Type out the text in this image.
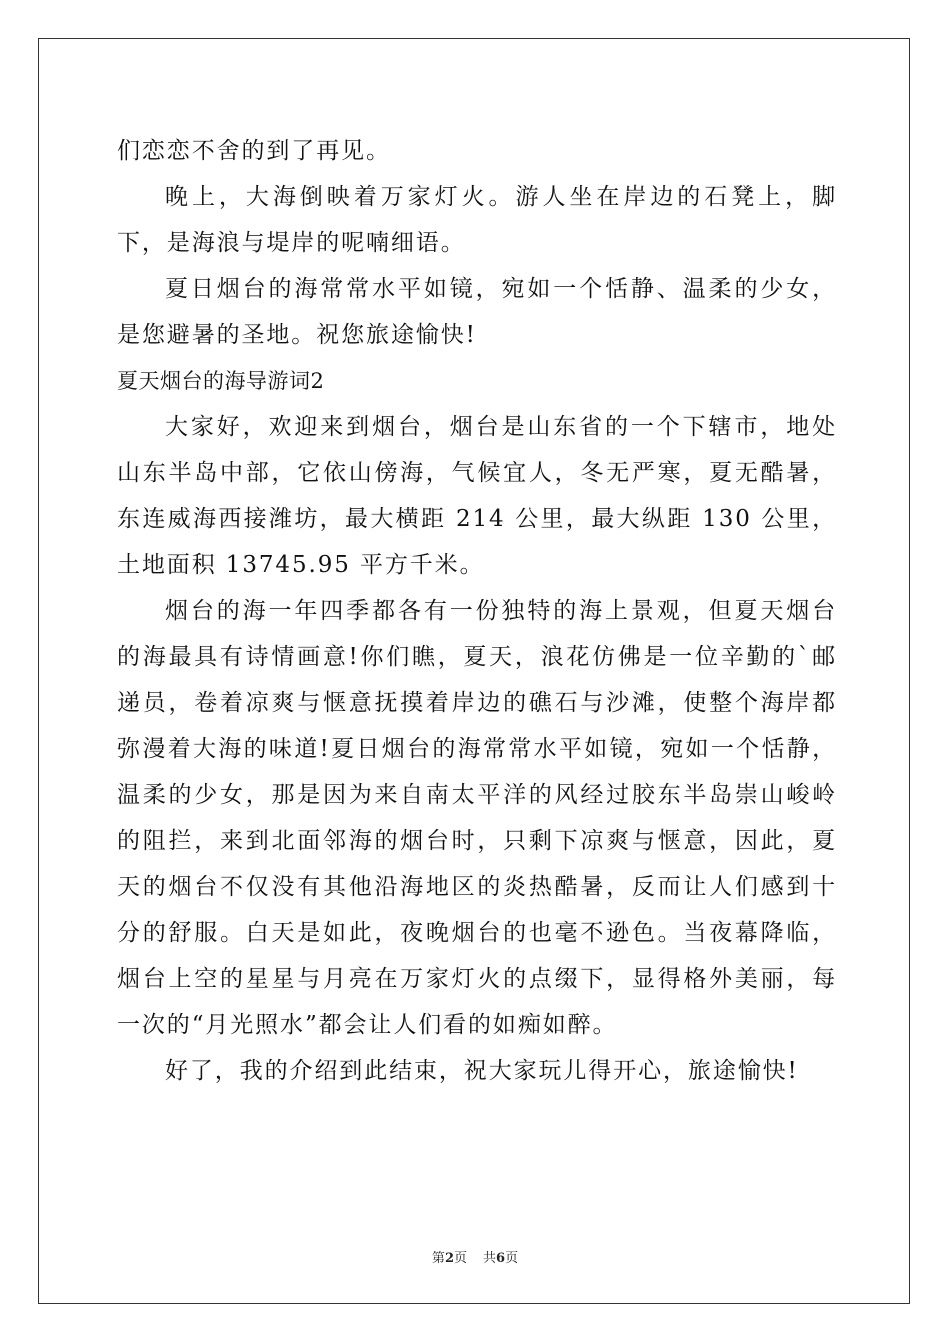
们恋恋不舍的到了再见。

晚上，大海倒映着万家灯火。游人坐在岸边的石凳上，脚下，是海浪与堤岸的呢喃细语。

夏日烟台的海常常水平如镜，宛如一个恬静、温柔的少女，是您避暑的圣地。祝您旅途愉快!

夏天烟台的海导游词2

大家好，欢迎来到烟台，烟台是山东省的一个下辖市，地处山东半岛中部，它依山傍海，气候宜人，冬无严寒，夏无酷暑，东连威海西接潍坊，最大横距 214 公里，最大纵距 130 公里，土地面积 13745.95 平方千米。

烟台的海一年四季都各有一份独特的海上景观，但夏天烟台的海最具有诗情画意!你们瞧，夏天，浪花仿佛是一位辛勤的`邮递员，卷着凉爽与惬意抚摸着岸边的礁石与沙滩，使整个海岸都弥漫着大海的味道!夏日烟台的海常常水平如镜，宛如一个恬静，温柔的少女，那是因为来自南太平洋的风经过胶东半岛崇山峻岭的阻拦，来到北面邻海的烟台时，只剩下凉爽与惬意，因此，夏天的烟台不仅没有其他沿海地区的炎热酷暑，反而让人们感到十分的舒服。白天是如此，夜晚烟台的也毫不逊色。当夜幕降临，烟台上空的星星与月亮在万家灯火的点缀下，显得格外美丽，每一次的“月光照水”都会让人们看的如痴如醉。

好了，我的介绍到此结束，祝大家玩儿得开心，旅途愉快!

第2页 共6页
